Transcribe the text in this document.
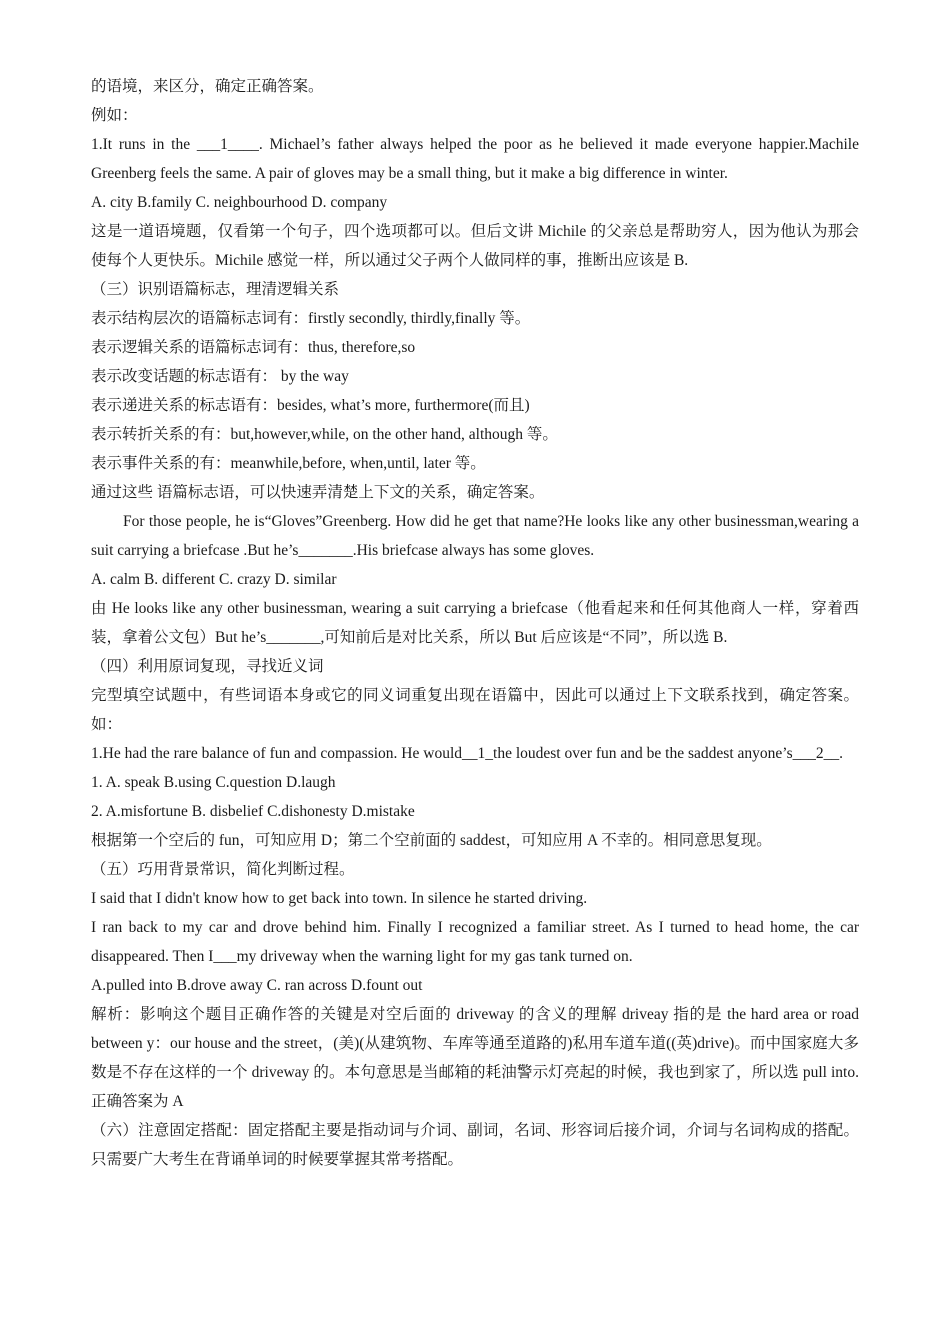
的语境，来区分，确定正确答案。
例如：
1.It runs in the ___1____. Michael’s father always helped the poor as he believed it made everyone happier.Machile Greenberg feels the same. A pair of gloves may be a small thing, but it make a big difference in winter.
A. city B.family C. neighbourhood D. company
这是一道语境题，仅看第一个句子，四个选项都可以。但后文讲 Michile 的父亲总是帮助穷人，因为他认为那会使每个人更快乐。Michile 感觉一样，所以通过父子两个人做同样的事，推断出应该是 B.
（三）识别语篇标志，理清逻辑关系
表示结构层次的语篇标志词有：firstly secondly, thirdly,finally 等。
表示逻辑关系的语篇标志词有：thus, therefore,so
表示改变话题的标志语有： by the way
表示递进关系的标志语有：besides, what’s more, furthermore(而且)
表示转折关系的有：but,however,while, on the other hand, although 等。
表示事件关系的有：meanwhile,before, when,until, later 等。
通过这些 语篇标志语，可以快速弄清楚上下文的关系，确定答案。
For those people, he is“Gloves”Greenberg. How did he get that name?He looks like any other businessman,wearing a suit carrying a briefcase .But he’s_______.His briefcase always has some gloves.
A. calm B. different C. crazy D. similar
由 He looks like any other businessman, wearing a suit carrying a briefcase（他看起来和任何其他商人一样，穿着西装，拿着公文包）But he’s_______,可知前后是对比关系，所以 But 后应该是“不同”，所以选 B.
（四）利用原词复现，寻找近义词
完型填空试题中，有些词语本身或它的同义词重复出现在语篇中，因此可以通过上下文联系找到，确定答案。如：
1.He had the rare balance of fun and compassion. He would__1_the loudest over fun and be the saddest anyone’s___2__.
1. A. speak B.using C.question D.laugh
2. A.misfortune B. disbelief C.dishonesty D.mistake
根据第一个空后的 fun，可知应用 D；第二个空前面的 saddest，可知应用 A 不幸的。相同意思复现。
（五）巧用背景常识，简化判断过程。
I said that I didn't know how to get back into town. In silence he started driving.
I ran back to my car and drove behind him. Finally I recognized a familiar street. As I turned to head home, the car disappeared. Then I___my driveway when the warning light for my gas tank turned on.
A.pulled into B.drove away C. ran across D.fount out
解析：影响这个题目正确作答的关键是对空后面的 driveway 的含义的理解 driveay 指的是 the hard area or road between y：our house and the street，(美)(从建筑物、车库等通至道路的)私用车道车道((英)drive)。而中国家庭大多数是不存在这样的一个 driveway 的。本句意思是当邮箱的耗油警示灯亮起的时候，我也到家了，所以选 pull into.正确答案为 A
（六）注意固定搭配：固定搭配主要是指动词与介词、副词，名词、形容词后接介词，介词与名词构成的搭配。只需要广大考生在背诵单词的时候要掌握其常考搭配。
